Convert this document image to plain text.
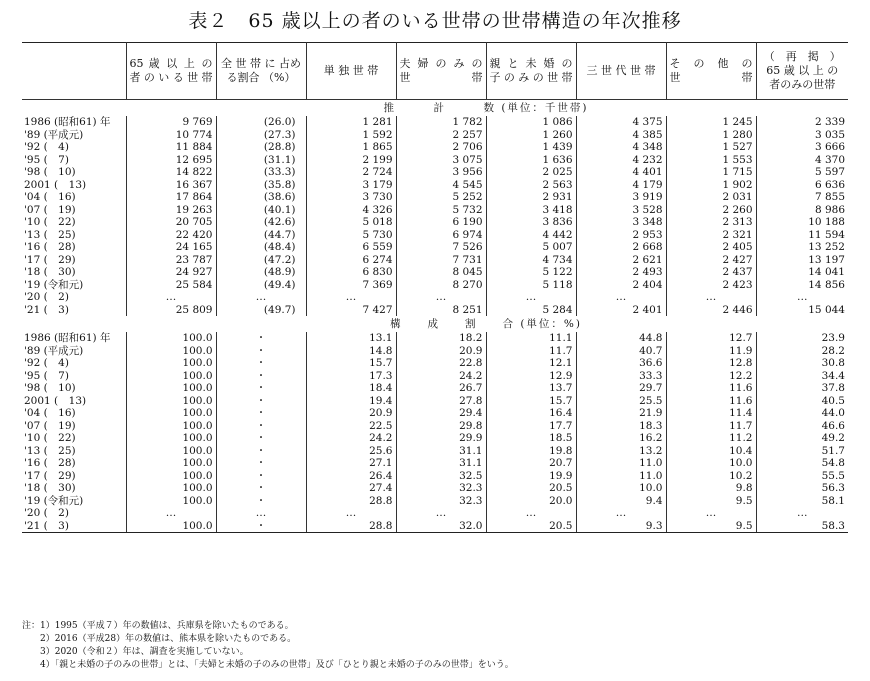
表２　65 歳以上の者のいる世帯の世帯構造の年次推移

	65 歳 以 上 の 者のいる世帯	全 世 帯 に 占める割合 （%）	単 独 世 帯	夫 婦 の み の 世　　　　帯	親 と 未 婚 の 子のみの世帯	三 世 代 世 帯	そ　の　他　の 世　　　　帯	（　再　掲　） 65 歳 以 上 の 者のみの世帯

			推　　　計　　　数 (単位：千世帯)					
1986 (昭和61) 年	9 769	(26.0)	1 281	1 782	1 086	4 375	1 245	2 339
'89 (平成元)	10 774	(27.3)	1 592	2 257	1 260	4 385	1 280	3 035
'92 (　4)	11 884	(28.8)	1 865	2 706	1 439	4 348	1 527	3 666
'95 (　7)	12 695	(31.1)	2 199	3 075	1 636	4 232	1 553	4 370
'98 (　10)	14 822	(33.3)	2 724	3 956	2 025	4 401	1 715	5 597
2001 (　13)	16 367	(35.8)	3 179	4 545	2 563	4 179	1 902	6 636
'04 (　16)	17 864	(38.6)	3 730	5 252	2 931	3 919	2 031	7 855
'07 (　19)	19 263	(40.1)	4 326	5 732	3 418	3 528	2 260	8 986
'10 (　22)	20 705	(42.6)	5 018	6 190	3 836	3 348	2 313	10 188
'13 (　25)	22 420	(44.7)	5 730	6 974	4 442	2 953	2 321	11 594
'16 (　28)	24 165	(48.4)	6 559	7 526	5 007	2 668	2 405	13 252
'17 (　29)	23 787	(47.2)	6 274	7 731	4 734	2 621	2 427	13 197
'18 (　30)	24 927	(48.9)	6 830	8 045	5 122	2 493	2 437	14 041
'19 (令和元)	25 584	(49.4)	7 369	8 270	5 118	2 404	2 423	14 856
'20 (　2)	…	…	…	…	…	…	…	…
'21 (　3)	25 809	(49.7)	7 427	8 251	5 284	2 401	2 446	15 044
			構　　成　　割　　合 (単位：%)					
1986 (昭和61) 年	100.0	・	13.1	18.2	11.1	44.8	12.7	23.9
'89 (平成元)	100.0	・	14.8	20.9	11.7	40.7	11.9	28.2
'92 (　4)	100.0	・	15.7	22.8	12.1	36.6	12.8	30.8
'95 (　7)	100.0	・	17.3	24.2	12.9	33.3	12.2	34.4
'98 (　10)	100.0	・	18.4	26.7	13.7	29.7	11.6	37.8
2001 (　13)	100.0	・	19.4	27.8	15.7	25.5	11.6	40.5
'04 (　16)	100.0	・	20.9	29.4	16.4	21.9	11.4	44.0
'07 (　19)	100.0	・	22.5	29.8	17.7	18.3	11.7	46.6
'10 (　22)	100.0	・	24.2	29.9	18.5	16.2	11.2	49.2
'13 (　25)	100.0	・	25.6	31.1	19.8	13.2	10.4	51.7
'16 (　28)	100.0	・	27.1	31.1	20.7	11.0	10.0	54.8
'17 (　29)	100.0	・	26.4	32.5	19.9	11.0	10.2	55.5
'18 (　30)	100.0	・	27.4	32.3	20.5	10.0	9.8	56.3
'19 (令和元)	100.0	・	28.8	32.3	20.0	9.4	9.5	58.1
'20 (　2)	…	…	…	…	…	…	…	…
'21 (　3)	100.0	・	28.8	32.0	20.5	9.3	9.5	58.3
注：1）1995（平成７）年の数値は、兵庫県を除いたものである。
　　2）2016（平成28）年の数値は、熊本県を除いたものである。
　　3）2020（令和２）年は、調査を実施していない。
　　4）「親と未婚の子のみの世帯」とは、「夫婦と未婚の子のみの世帯」及び「ひとり親と未婚の子のみの世帯」をいう。
